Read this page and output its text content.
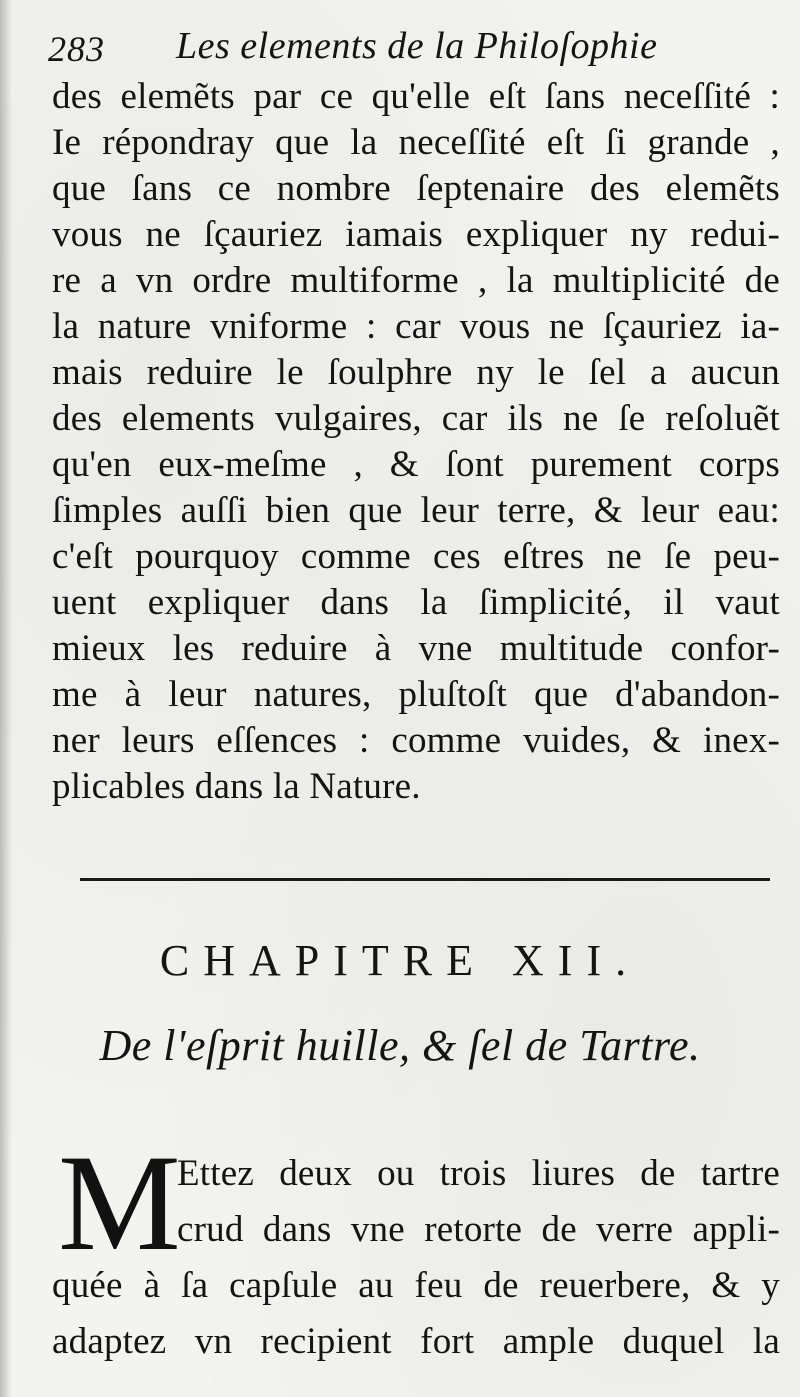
283 Les elements de la Philoſophie
des elemẽts par ce qu'elle eſt ſans neceſſité :
Ie répondray que la neceſſité eſt ſi grande ,
que ſans ce nombre ſeptenaire des elemẽts
vous ne ſçauriez iamais expliquer ny redui-
re a vn ordre multiforme , la multiplicité de
la nature vniforme : car vous ne ſçauriez ia-
mais reduire le ſoulphre ny le ſel a aucun
des elements vulgaires, car ils ne ſe reſoluẽt
qu'en eux-meſme , & ſont purement corps
ſimples auſſi bien que leur terre, & leur eau:
c'eſt pourquoy comme ces eſtres ne ſe peu-
uent expliquer dans la ſimplicité, il vaut
mieux les reduire à vne multitude confor-
me à leur natures, pluſtoſt que d'abandon-
ner leurs eſſences : comme vuides, & inex-
plicables dans la Nature.
CHAPITRE XII.
De l'eſprit huille, & ſel de Tartre.
M
Ettez deux ou trois liures de tartre
crud dans vne retorte de verre appli-
quée à ſa capſule au feu de reuerbere, & y
adaptez vn recipient fort ample duquel la
